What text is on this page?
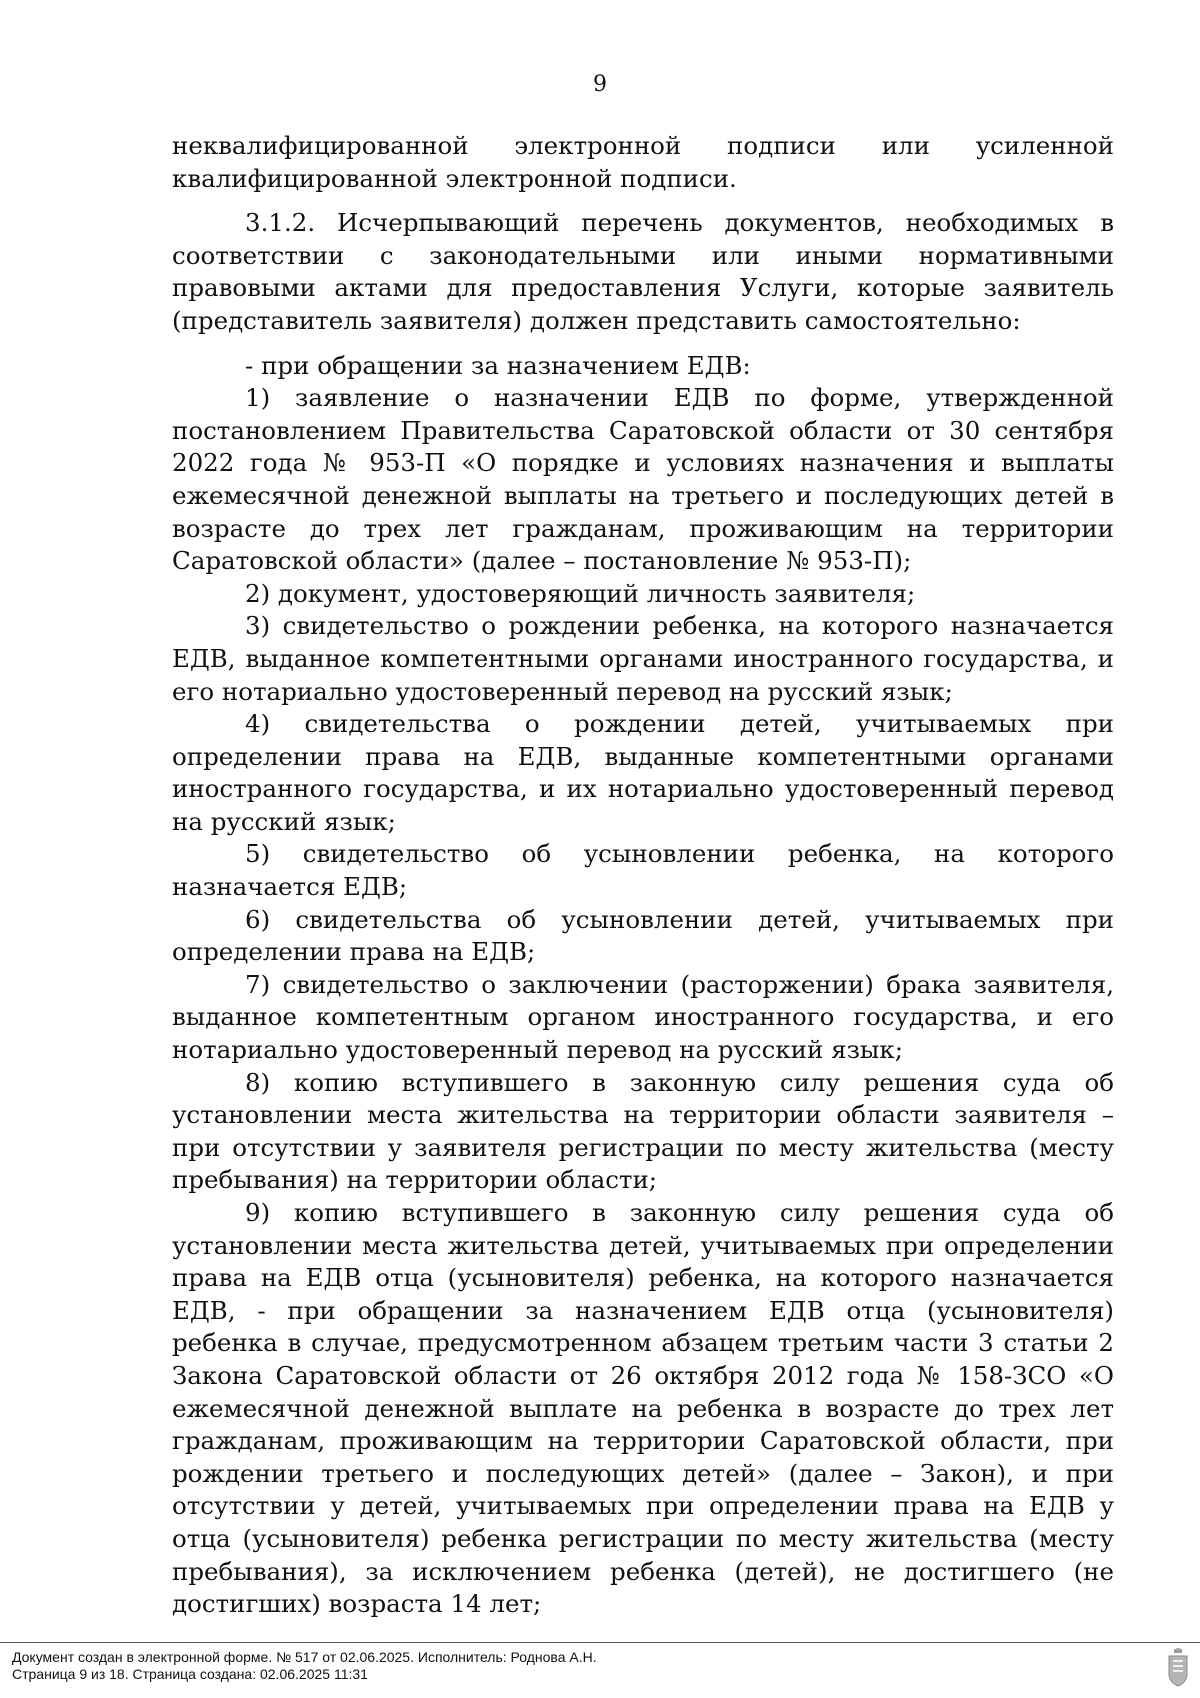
9

неквалифицированной электронной подписи или усиленной квалифицированной электронной подписи.

3.1.2. Исчерпывающий перечень документов, необходимых в соответствии с законодательными или иными нормативными правовыми актами для предоставления Услуги, которые заявитель (представитель заявителя) должен представить самостоятельно:

- при обращении за назначением ЕДВ:

1) заявление о назначении ЕДВ по форме, утвержденной постановлением Правительства Саратовской области от 30 сентября 2022 года № 953-П «О порядке и условиях назначения и выплаты ежемесячной денежной выплаты на третьего и последующих детей в возрасте до трех лет гражданам, проживающим на территории Саратовской области» (далее – постановление № 953-П);

2) документ, удостоверяющий личность заявителя;

3) свидетельство о рождении ребенка, на которого назначается ЕДВ, выданное компетентными органами иностранного государства, и его нотариально удостоверенный перевод на русский язык;

4) свидетельства о рождении детей, учитываемых при определении права на ЕДВ, выданные компетентными органами иностранного государства, и их нотариально удостоверенный перевод на русский язык;

5) свидетельство об усыновлении ребенка, на которого назначается ЕДВ;

6) свидетельства об усыновлении детей, учитываемых при определении права на ЕДВ;

7) свидетельство о заключении (расторжении) брака заявителя, выданное компетентным органом иностранного государства, и его нотариально удостоверенный перевод на русский язык;

8) копию вступившего в законную силу решения суда об установлении места жительства на территории области заявителя – при отсутствии у заявителя регистрации по месту жительства (месту пребывания) на территории области;

9) копию вступившего в законную силу решения суда об установлении места жительства детей, учитываемых при определении права на ЕДВ отца (усыновителя) ребенка, на которого назначается ЕДВ, - при обращении за назначением ЕДВ отца (усыновителя) ребенка в случае, предусмотренном абзацем третьим части 3 статьи 2 Закона Саратовской области от 26 октября 2012 года № 158-ЗСО «О ежемесячной денежной выплате на ребенка в возрасте до трех лет гражданам, проживающим на территории Саратовской области, при рождении третьего и последующих детей» (далее – Закон), и при отсутствии у детей, учитываемых при определении права на ЕДВ у отца (усыновителя) ребенка регистрации по месту жительства (месту пребывания), за исключением ребенка (детей), не достигшего (не достигших) возраста 14 лет;

Документ создан в электронной форме. № 517 от 02.06.2025. Исполнитель: Роднова А.Н.
Страница 9 из 18. Страница создана: 02.06.2025 11:31
